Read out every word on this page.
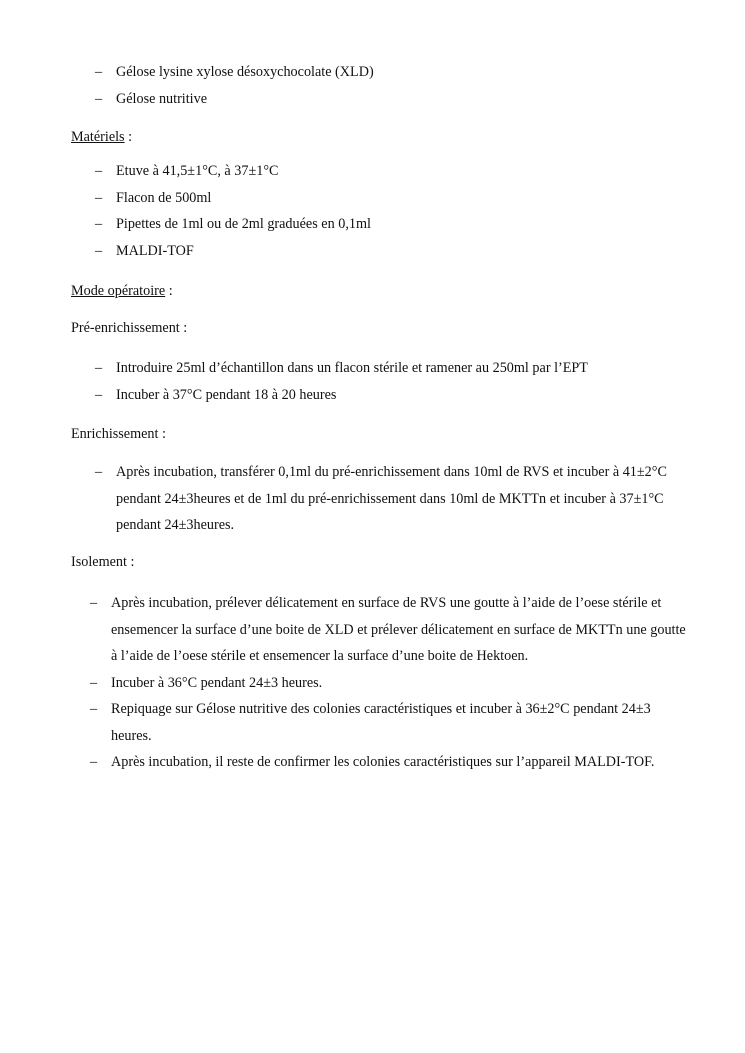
– Gélose lysine xylose désoxychocolate (XLD)
– Gélose nutritive

Matériels :

– Etuve à 41,5±1°C, à 37±1°C
– Flacon de 500ml
– Pipettes de 1ml ou de 2ml graduées en 0,1ml
– MALDI-TOF

Mode opératoire :

Pré-enrichissement :

– Introduire 25ml d’échantillon dans un flacon stérile et ramener au 250ml par l’EPT
– Incuber à 37°C pendant 18 à 20 heures

Enrichissement :

– Après incubation, transférer 0,1ml du pré-enrichissement dans 10ml de RVS et incuber à 41±2°C pendant 24±3heures et de 1ml du pré-enrichissement dans 10ml de MKTTn et incuber à 37±1°C pendant 24±3heures.

Isolement :

– Après incubation, prélever délicatement en surface de RVS une goutte à l’aide de l’oese stérile et ensemencer la surface d’une boite de XLD et prélever délicatement en surface de MKTTn une goutte à l’aide de l’oese stérile et ensemencer la surface d’une boite de Hektoen.
– Incuber à 36°C pendant 24±3 heures.
– Repiquage sur Gélose nutritive des colonies caractéristiques et incuber à 36±2°C pendant 24±3 heures.
– Après incubation, il reste de confirmer les colonies caractéristiques sur l’appareil MALDI-TOF.
